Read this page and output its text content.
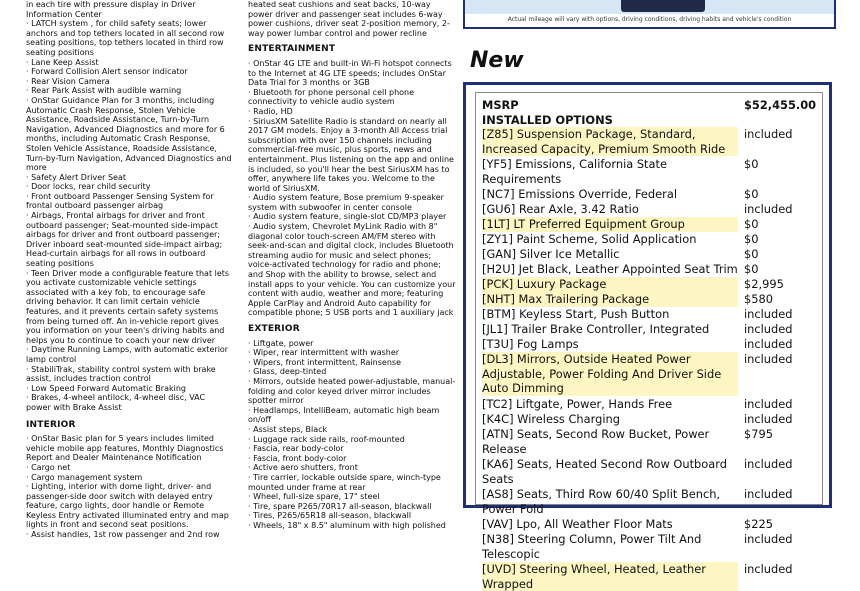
in each tire with pressure display in Driver Information Center
· LATCH system , for child safety seats; lower anchors and top tethers located in all second row seating positions, top tethers located in third row seating positions
· Lane Keep Assist
· Forward Collision Alert sensor indicator
· Rear Vision Camera
· Rear Park Assist with audible warning
· OnStar Guidance Plan for 3 months, including Automatic Crash Response, Stolen Vehicle Assistance, Roadside Assistance, Turn-by-Turn Navigation, Advanced Diagnostics and more for 6 months, including Automatic Crash Response, Stolen Vehicle Assistance, Roadside Assistance, Turn-by-Turn Navigation, Advanced Diagnostics and more
· Safety Alert Driver Seat
· Door locks, rear child security
· Front outboard Passenger Sensing System for frontal outboard passenger airbag
· Airbags, Frontal airbags for driver and front outboard passenger; Seat-mounted side-impact airbags for driver and front outboard passenger; Driver inboard seat-mounted side-impact airbag; Head-curtain airbags for all rows in outboard seating positions
· Teen Driver mode a configurable feature that lets you activate customizable vehicle settings associated with a key fob, to encourage safe driving behavior. It can limit certain vehicle features, and it prevents certain safety systems from being turned off. An in-vehicle report gives you information on your teen's driving habits and helps you to continue to coach your new driver
· Daytime Running Lamps, with automatic exterior lamp control
· StabiliTrak, stability control system with brake assist, includes traction control
· Low Speed Forward Automatic Braking
· Brakes, 4-wheel antilock, 4-wheel disc, VAC power with Brake Assist
INTERIOR
· OnStar Basic plan for 5 years includes limited vehicle mobile app features, Monthly Diagnostics Report and Dealer Maintenance Notification
· Cargo net
· Cargo management system
· Lighting, interior with dome light, driver- and passenger-side door switch with delayed entry feature, cargo lights, door handle or Remote Keyless Entry activated illuminated entry and map lights in front and second seat positions.
· Assist handles, 1st row passenger and 2nd row
heated seat cushions and seat backs, 10-way power driver and passenger seat includes 6-way power cushions, driver seat 2-position memory, 2-way power lumbar control and power recline
ENTERTAINMENT
· OnStar 4G LTE and built-in Wi-Fi hotspot connects to the Internet at 4G LTE speeds; includes OnStar Data Trial for 3 months or 3GB
· Bluetooth for phone personal cell phone connectivity to vehicle audio system
· Radio, HD
· SiriusXM Satellite Radio is standard on nearly all 2017 GM models. Enjoy a 3-month All Access trial subscription with over 150 channels including commercial-free music, plus sports, news and entertainment. Plus listening on the app and online is included, so you'll hear the best SiriusXM has to offer, anywhere life takes you. Welcome to the world of SiriusXM.
· Audio system feature, Bose premium 9-speaker system with subwoofer in center console
· Audio system feature, single-slot CD/MP3 player
· Audio system, Chevrolet MyLink Radio with 8" diagonal color touch-screen AM/FM stereo with seek-and-scan and digital clock, includes Bluetooth streaming audio for music and select phones; voice-activated technology for radio and phone; and Shop with the ability to browse, select and install apps to your vehicle. You can customize your content with audio, weather and more; featuring Apple CarPlay and Android Auto capability for compatible phone; 5 USB ports and 1 auxiliary jack
EXTERIOR
· Liftgate, power
· Wiper, rear intermittent with washer
· Wipers, front intermittent, Rainsense
· Glass, deep-tinted
· Mirrors, outside heated power-adjustable, manual-folding and color keyed driver mirror includes spotter mirror
· Headlamps, IntelliBeam, automatic high beam on/off
· Assist steps, Black
· Luggage rack side rails, roof-mounted
· Fascia, rear body-color
· Fascia, front body-color
· Active aero shutters, front
· Tire carrier, lockable outside spare, winch-type mounted under frame at rear
· Wheel, full-size spare, 17" steel
· Tire, spare P265/70R17 all-season, blackwall
· Tires, P265/65R18 all-season, blackwall
· Wheels, 18" x 8.5" aluminum with high polished
Actual mileage will vary with options, driving conditions, driving habits and vehicle's condition
New
MSRP	$52,455.00
INSTALLED OPTIONS
[Z85] Suspension Package, Standard, Increased Capacity, Premium Smooth Ride
included
[YF5] Emissions, California State Requirements
$0
[NC7] Emissions Override, Federal	$0
[GU6] Rear Axle, 3.42 Ratio	included
[1LT] LT Preferred Equipment Group	$0
[ZY1] Paint Scheme, Solid Application	$0
[GAN] Silver Ice Metallic	$0
[H2U] Jet Black, Leather Appointed Seat Trim $0
[PCK] Luxury Package	$2,995
[NHT] Max Trailering Package	$580
[BTM] Keyless Start, Push Button	included
[JL1] Trailer Brake Controller, Integrated	included
[T3U] Fog Lamps	included
[DL3] Mirrors, Outside Heated Power Adjustable, Power Folding And Driver Side Auto Dimming
included
[TC2] Liftgate, Power, Hands Free	included
[K4C] Wireless Charging	included
[ATN] Seats, Second Row Bucket, Power Release
$795
[KA6] Seats, Heated Second Row Outboard Seats
included
[AS8] Seats, Third Row 60/40 Split Bench, Power Fold
included
[VAV] Lpo, All Weather Floor Mats	$225
[N38] Steering Column, Power Tilt And Telescopic
included
[UVD] Steering Wheel, Heated, Leather Wrapped
included
